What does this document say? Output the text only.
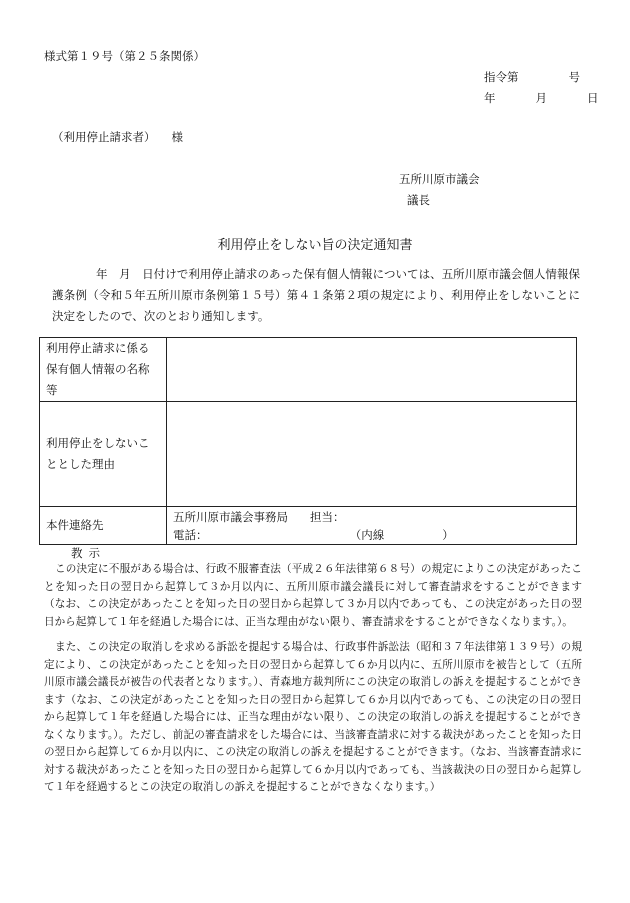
様式第１９号（第２５条関係）
指令第	号
年	月	日
（利用停止請求者） 様
五所川原市議会
議長
利用停止をしない旨の決定通知書
年　月　日付けで利用停止請求のあった保有個人情報については、五所川原市議会個人情報保護条例（令和５年五所川原市条例第１５号）第４１条第２項の規定により、利用停止をしないことに決定をしたので、次のとおり通知します。
利用停止請求に係る保有個人情報の名称等	
利用停止をしないこととした理由	
本件連絡先	五所川原市議会事務局 担当：
電話： （内線 ）
教示
この決定に不服がある場合は、行政不服審査法（平成２６年法律第６８号）の規定によりこの決定があったことを知った日の翌日から起算して３か月以内に、五所川原市議会議長に対して審査請求をすることができます（なお、この決定があったことを知った日の翌日から起算して３か月以内であっても、この決定があった日の翌日から起算して１年を経過した場合には、正当な理由がない限り、審査請求をすることができなくなります。）。
また、この決定の取消しを求める訴訟を提起する場合は、行政事件訴訟法（昭和３７年法律第１３９号）の規定により、この決定があったことを知った日の翌日から起算して６か月以内に、五所川原市を被告として（五所川原市議会議長が被告の代表者となります。）、青森地方裁判所にこの決定の取消しの訴えを提起することができます（なお、この決定があったことを知った日の翌日から起算して６か月以内であっても、この決定の日の翌日から起算して１年を経過した場合には、正当な理由がない限り、この決定の取消しの訴えを提起することができなくなります。）。ただし、前記の審査請求をした場合には、当該審査請求に対する裁決があったことを知った日の翌日から起算して６か月以内に、この決定の取消しの訴えを提起することができます。（なお、当該審査請求に対する裁決があったことを知った日の翌日から起算して６か月以内であっても、当該裁決の日の翌日から起算して１年を経過するとこの決定の取消しの訴えを提起することができなくなります。）
